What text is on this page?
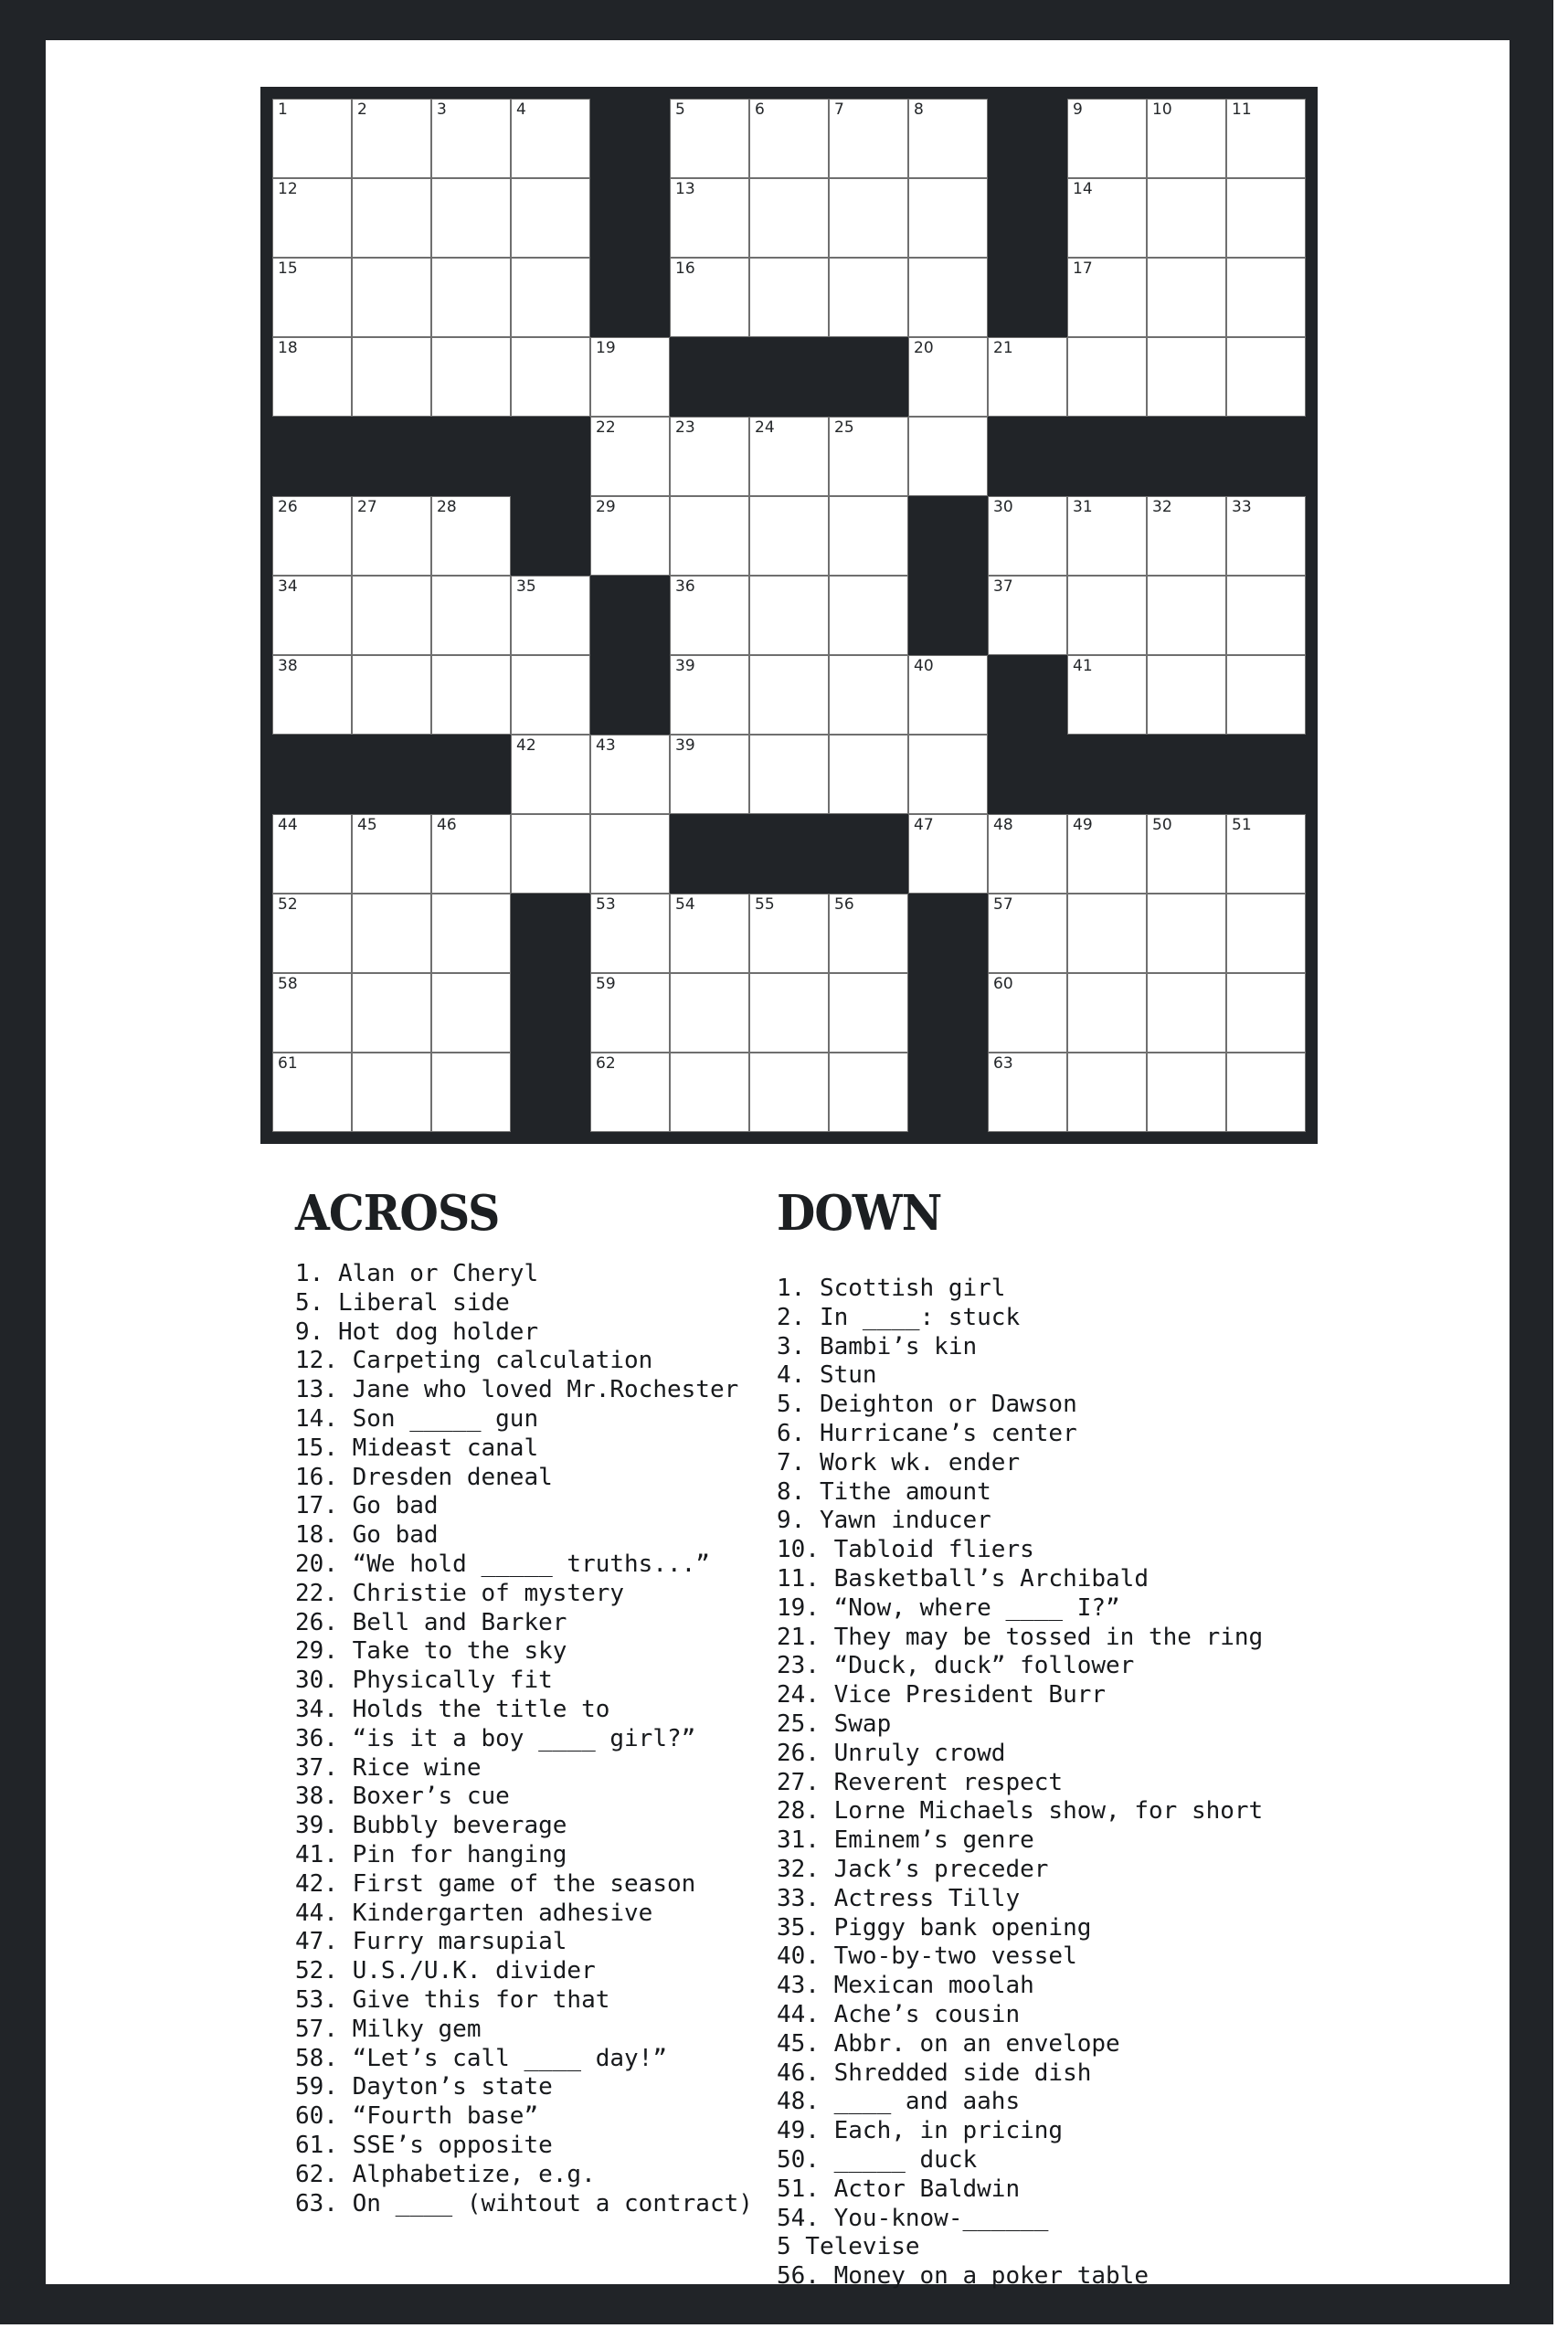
1	2	3	4	5	6	7	8	9	10	11
12	13	14
15	16	17
18	19	20	21
22	23	24	25
26	27	28	29	30	31	32	33
34	35	36	37
38	39	40	41
42	43	39
44	45	46	47	48	49	50	51
52	53	54	55	56	57
58	59	60
61	62	63
ACROSS
1. Alan or Cheryl
5. Liberal side
9. Hot dog holder
12. Carpeting calculation
13. Jane who loved Mr.Rochester
14. Son _____ gun
15. Mideast canal
16. Dresden deneal
17. Go bad
18. Go bad
20. “We hold _____ truths...”
22. Christie of mystery
26. Bell and Barker
29. Take to the sky
30. Physically fit
34. Holds the title to
36. “is it a boy ____ girl?”
37. Rice wine
38. Boxer’s cue
39. Bubbly beverage
41. Pin for hanging
42. First game of the season
44. Kindergarten adhesive
47. Furry marsupial
52. U.S./U.K. divider
53. Give this for that
57. Milky gem
58. “Let’s call ____ day!”
59. Dayton’s state
60. “Fourth base”
61. SSE’s opposite
62. Alphabetize, e.g.
63. On ____ (wihtout a contract)
DOWN
1. Scottish girl
2. In ____: stuck
3. Bambi’s kin
4. Stun
5. Deighton or Dawson
6. Hurricane’s center
7. Work wk. ender
8. Tithe amount
9. Yawn inducer
10. Tabloid fliers
11. Basketball’s Archibald
19. “Now, where ____ I?”
21. They may be tossed in the ring
23. “Duck, duck” follower
24. Vice President Burr
25. Swap
26. Unruly crowd
27. Reverent respect
28. Lorne Michaels show, for short
31. Eminem’s genre
32. Jack’s preceder
33. Actress Tilly
35. Piggy bank opening
40. Two-by-two vessel
43. Mexican moolah
44. Ache’s cousin
45. Abbr. on an envelope
46. Shredded side dish
48. ____ and aahs
49. Each, in pricing
50. _____ duck
51. Actor Baldwin
54. You-know-______
5 Televise
56. Money on a poker table
